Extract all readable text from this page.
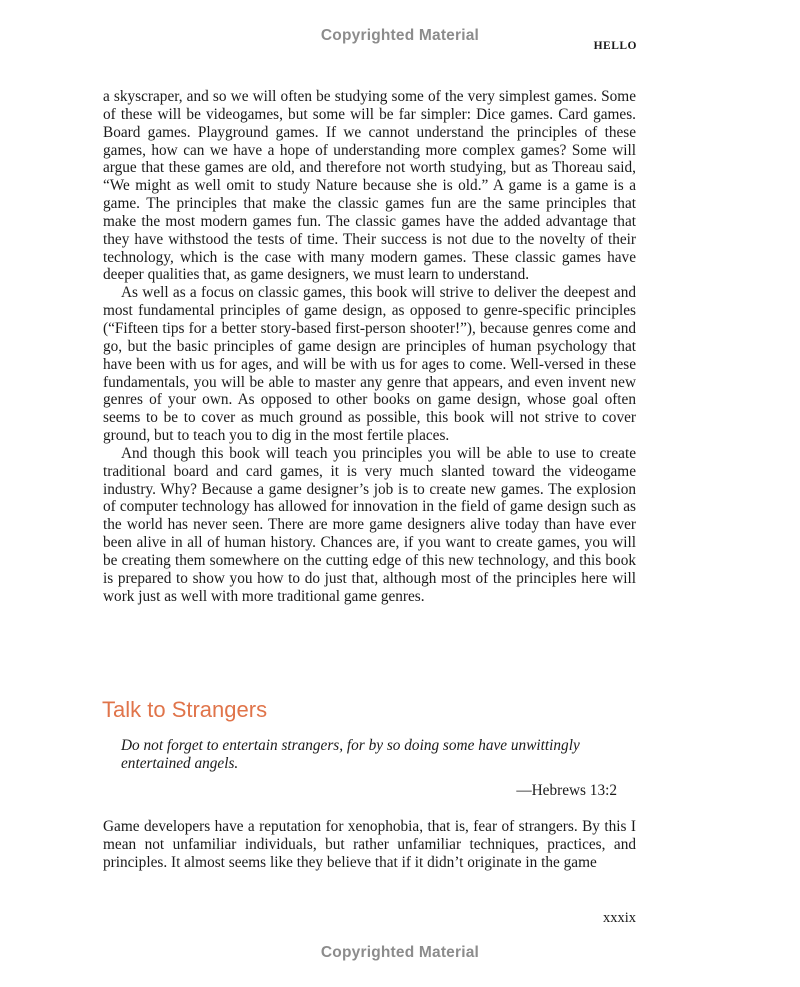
Copyrighted Material
HELLO

a skyscraper, and so we will often be studying some of the very simplest games. Some of these will be videogames, but some will be far simpler: Dice games. Card games. Board games. Playground games. If we cannot understand the principles of these games, how can we have a hope of understanding more complex games? Some will argue that these games are old, and therefore not worth studying, but as Thoreau said, “We might as well omit to study Nature because she is old.” A game is a game is a game. The principles that make the classic games fun are the same principles that make the most modern games fun. The classic games have the added advantage that they have withstood the tests of time. Their success is not due to the novelty of their technology, which is the case with many modern games. These classic games have deeper qualities that, as game designers, we must learn to understand.

As well as a focus on classic games, this book will strive to deliver the deepest and most fundamental principles of game design, as opposed to genre-specific principles (“Fifteen tips for a better story-based first-person shooter!”), because genres come and go, but the basic principles of game design are principles of human psychology that have been with us for ages, and will be with us for ages to come. Well-versed in these fundamentals, you will be able to master any genre that appears, and even invent new genres of your own. As opposed to other books on game design, whose goal often seems to be to cover as much ground as possible, this book will not strive to cover ground, but to teach you to dig in the most fertile places.

And though this book will teach you principles you will be able to use to create traditional board and card games, it is very much slanted toward the videogame industry. Why? Because a game designer’s job is to create new games. The explosion of computer technology has allowed for innovation in the field of game design such as the world has never seen. There are more game designers alive today than have ever been alive in all of human history. Chances are, if you want to create games, you will be creating them somewhere on the cutting edge of this new technology, and this book is prepared to show you how to do just that, although most of the principles here will work just as well with more traditional game genres.

Talk to Strangers

Do not forget to entertain strangers, for by so doing some have unwittingly entertained angels.

—Hebrews 13:2

Game developers have a reputation for xenophobia, that is, fear of strangers. By this I mean not unfamiliar individuals, but rather unfamiliar techniques, practices, and principles. It almost seems like they believe that if it didn’t originate in the game

xxxix
Copyrighted Material
